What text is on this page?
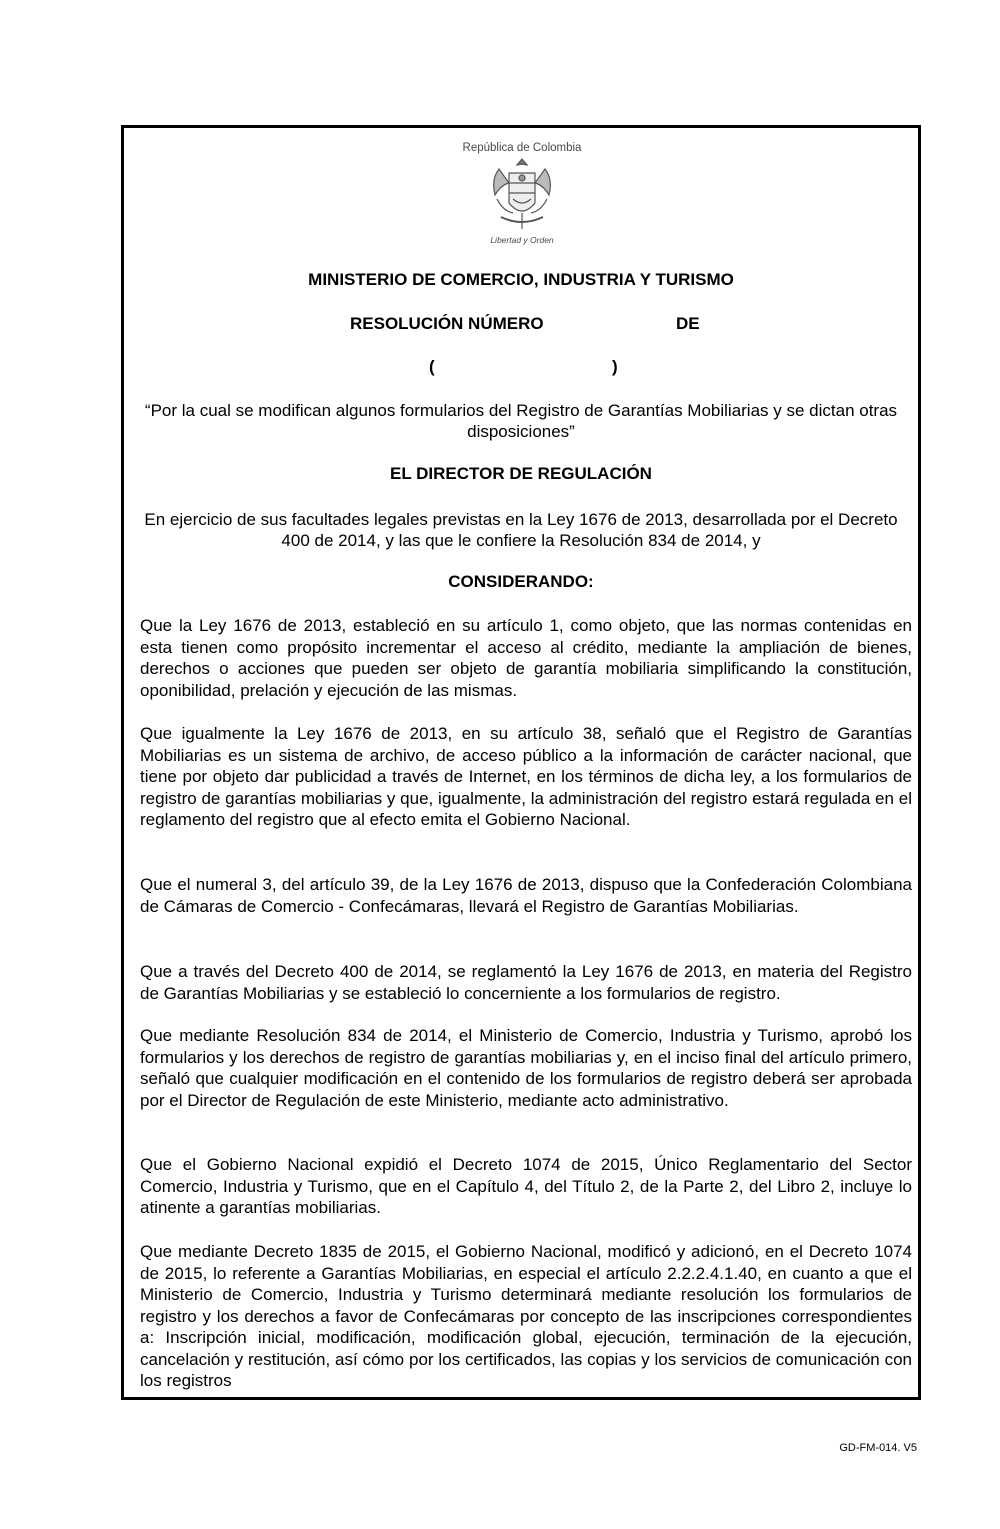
República de Colombia
Libertad y Orden
MINISTERIO DE COMERCIO, INDUSTRIA Y TURISMO
RESOLUCIÓN NÚMERO	DE
(	)
“Por la cual se modifican algunos formularios del Registro de Garantías Mobiliarias y se dictan otras disposiciones”
EL DIRECTOR DE REGULACIÓN
En ejercicio de sus facultades legales previstas en la Ley 1676 de 2013, desarrollada por el Decreto 400 de 2014, y las que le confiere la Resolución 834 de 2014, y
CONSIDERANDO:
Que la Ley 1676 de 2013, estableció en su artículo 1, como objeto, que las normas contenidas en esta tienen como propósito incrementar el acceso al crédito, mediante la ampliación de bienes, derechos o acciones que pueden ser objeto de garantía mobiliaria simplificando la constitución, oponibilidad, prelación y ejecución de las mismas.
Que igualmente la Ley 1676 de 2013, en su artículo 38, señaló que el Registro de Garantías Mobiliarias es un sistema de archivo, de acceso público a la información de carácter nacional, que tiene por objeto dar publicidad a través de Internet, en los términos de dicha ley, a los formularios de registro de garantías mobiliarias y que, igualmente, la administración del registro estará regulada en el reglamento del registro que al efecto emita el Gobierno Nacional.
Que el numeral 3, del artículo 39, de la Ley 1676 de 2013, dispuso que la Confederación Colombiana de Cámaras de Comercio - Confecámaras, llevará el Registro de Garantías Mobiliarias.
Que a través del Decreto 400 de 2014, se reglamentó la Ley 1676 de 2013, en materia del Registro de Garantías Mobiliarias y se estableció lo concerniente a los formularios de registro.
Que mediante Resolución 834 de 2014, el Ministerio de Comercio, Industria y Turismo, aprobó los formularios y los derechos de registro de garantías mobiliarias y, en el inciso final del artículo primero, señaló que cualquier modificación en el contenido de los formularios de registro deberá ser aprobada por el Director de Regulación de este Ministerio, mediante acto administrativo.
Que el Gobierno Nacional expidió el Decreto 1074 de 2015, Único Reglamentario del Sector Comercio, Industria y Turismo, que en el Capítulo 4, del Título 2, de la Parte 2, del Libro 2, incluye lo atinente a garantías mobiliarias.
Que mediante Decreto 1835 de 2015, el Gobierno Nacional, modificó y adicionó, en el Decreto 1074 de 2015, lo referente a Garantías Mobiliarias, en especial el artículo 2.2.2.4.1.40, en cuanto a que el Ministerio de Comercio, Industria y Turismo determinará mediante resolución los formularios de registro y los derechos a favor de Confecámaras por concepto de las inscripciones correspondientes a: Inscripción inicial, modificación, modificación global, ejecución, terminación de la ejecución, cancelación y restitución, así cómo por los certificados, las copias y los servicios de comunicación con los registros
GD-FM-014. V5
